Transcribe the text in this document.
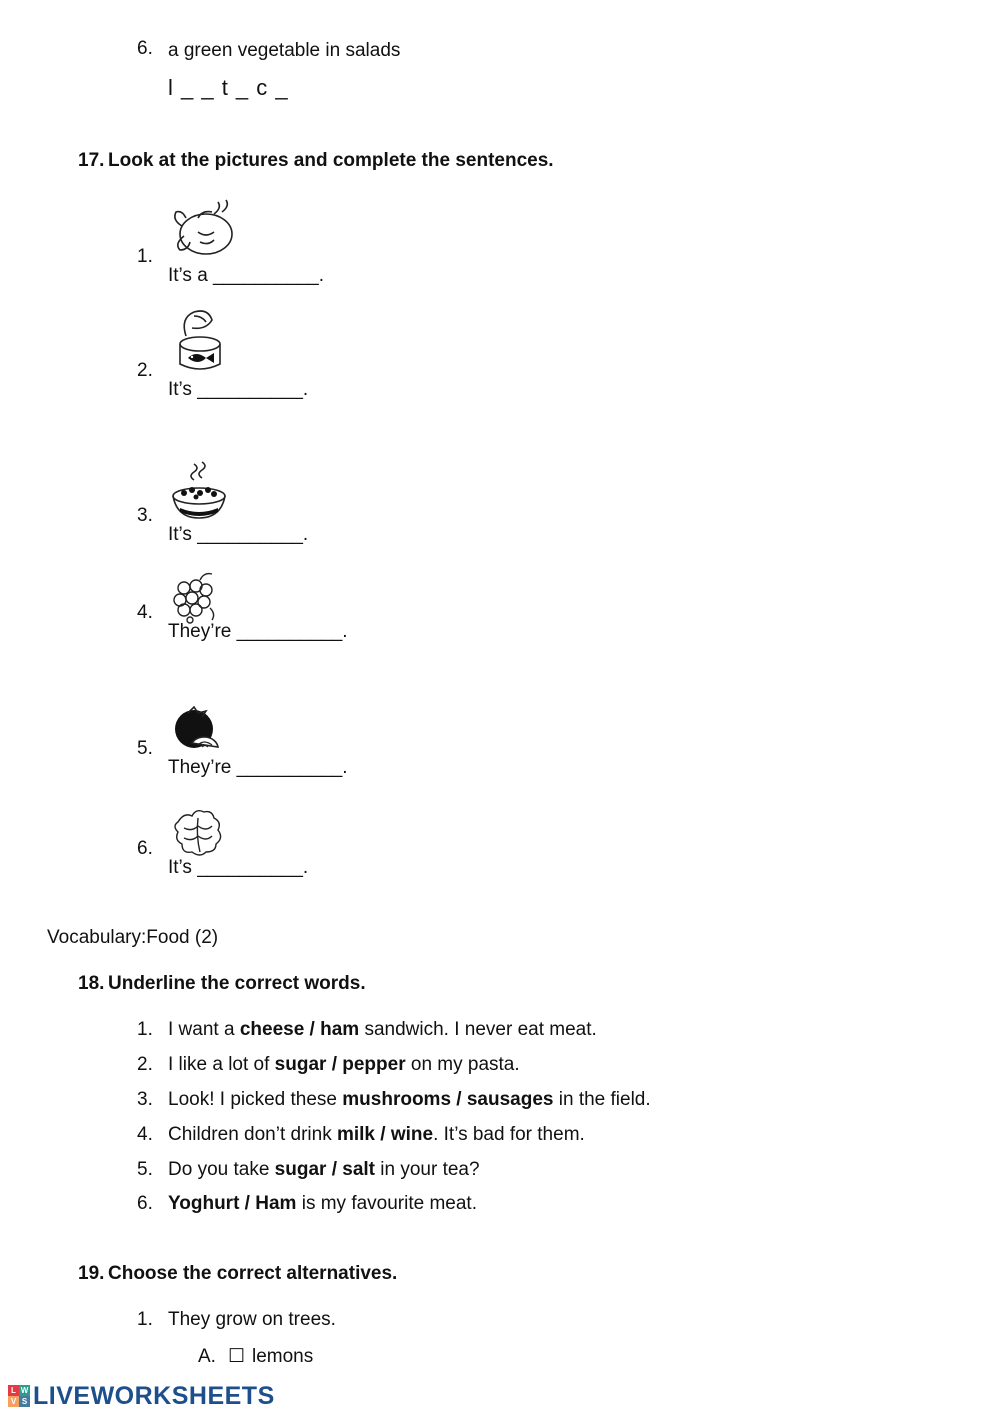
6. a green vegetable in salads
l _ _ t _ c _
17. Look at the pictures and complete the sentences.
1.
It’s a __________.
2.
It’s __________.
3.
It’s __________.
4.
They’re __________.
5.
They’re __________.
6.
It’s __________.
Vocabulary:Food (2)
18. Underline the correct words.
1. I want a cheese / ham sandwich. I never eat meat.
2. I like a lot of sugar / pepper on my pasta.
3. Look! I picked these mushrooms / sausages in the field.
4. Children don’t drink milk / wine. It’s bad for them.
5. Do you take sugar / salt in your tea?
6. Yoghurt / Ham is my favourite meat.
19. Choose the correct alternatives.
1. They grow on trees.
A. ☐ lemons
L W
V S LIVEWORKSHEETS
